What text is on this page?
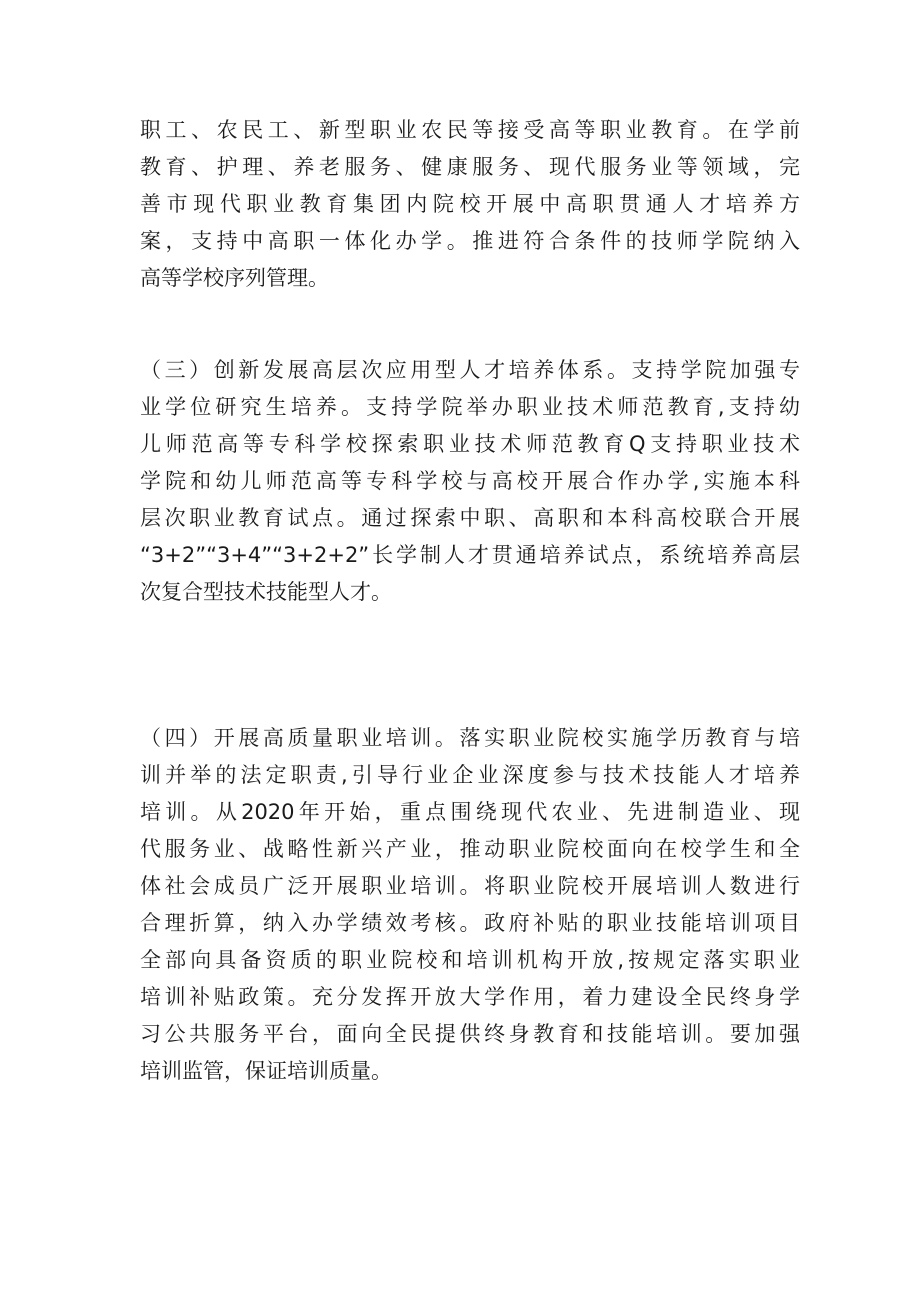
职工、农民工、新型职业农民等接受高等职业教育。在学前
教育、护理、养老服务、健康服务、现代服务业等领域，完
善市现代职业教育集团内院校开展中高职贯通人才培养方
案，支持中高职一体化办学。推进符合条件的技师学院纳入
高等学校序列管理。
（三）创新发展高层次应用型人才培养体系。支持学院加强专
业学位研究生培养。支持学院举办职业技术师范教育,支持幼
儿师范高等专科学校探索职业技术师范教育Q支持职业技术
学院和幼儿师范高等专科学校与高校开展合作办学,实施本科
层次职业教育试点。通过探索中职、高职和本科高校联合开展
“3+2”“3+4”“3+2+2”长学制人才贯通培养试点，系统培养高层
次复合型技术技能型人才。
（四）开展高质量职业培训。落实职业院校实施学历教育与培
训并举的法定职责,引导行业企业深度参与技术技能人才培养
培训。从2020年开始，重点围绕现代农业、先进制造业、现
代服务业、战略性新兴产业，推动职业院校面向在校学生和全
体社会成员广泛开展职业培训。将职业院校开展培训人数进行
合理折算，纳入办学绩效考核。政府补贴的职业技能培训项目
全部向具备资质的职业院校和培训机构开放,按规定落实职业
培训补贴政策。充分发挥开放大学作用，着力建设全民终身学
习公共服务平台，面向全民提供终身教育和技能培训。要加强
培训监管，保证培训质量。
